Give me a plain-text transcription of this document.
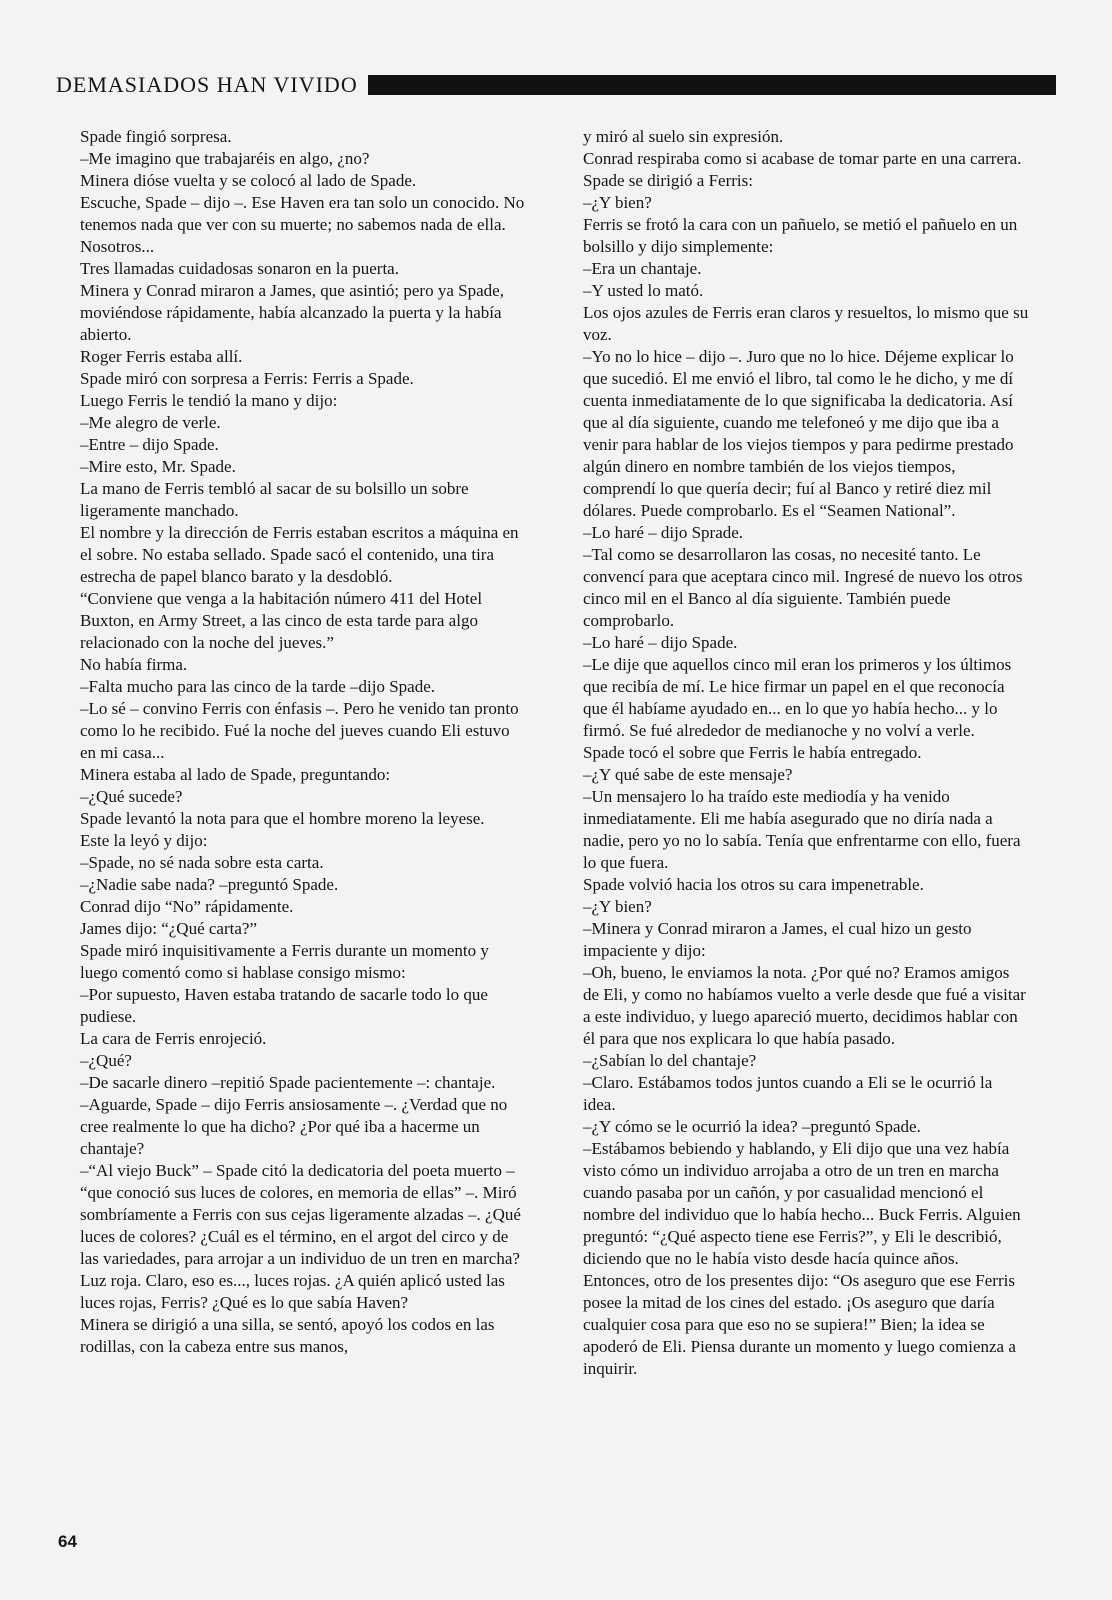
DEMASIADOS HAN VIVIDO

Spade fingió sorpresa.

–Me imagino que trabajaréis en algo, ¿no?

Minera dióse vuelta y se colocó al lado de Spade.

Escuche, Spade – dijo –. Ese Haven era tan solo un conocido. No tenemos nada que ver con su muerte; no sabemos nada de ella. Nosotros...

Tres llamadas cuidadosas sonaron en la puerta.

Minera y Conrad miraron a James, que asintió; pero ya Spade, moviéndose rápidamente, había alcanzado la puerta y la había abierto.

Roger Ferris estaba allí.

Spade miró con sorpresa a Ferris: Ferris a Spade.

Luego Ferris le tendió la mano y dijo:

–Me alegro de verle.

–Entre – dijo Spade.

–Mire esto, Mr. Spade.

La mano de Ferris tembló al sacar de su bolsillo un sobre ligeramente manchado.

El nombre y la dirección de Ferris estaban escritos a máquina en el sobre. No estaba sellado. Spade sacó el contenido, una tira estrecha de papel blanco barato y la desdobló.

“Conviene que venga a la habitación número 411 del Hotel Buxton, en Army Street, a las cinco de esta tarde para algo relacionado con la noche del jueves.”

No había firma.

–Falta mucho para las cinco de la tarde –dijo Spade.

–Lo sé – convino Ferris con énfasis –. Pero he venido tan pronto como lo he recibido. Fué la noche del jueves cuando Eli estuvo en mi casa...

Minera estaba al lado de Spade, preguntando:

–¿Qué sucede?

Spade levantó la nota para que el hombre moreno la leyese.

Este la leyó y dijo:

–Spade, no sé nada sobre esta carta.

–¿Nadie sabe nada? –preguntó Spade.

Conrad dijo “No” rápidamente.

James dijo: “¿Qué carta?”

Spade miró inquisitivamente a Ferris durante un momento y luego comentó como si hablase consigo mismo:

–Por supuesto, Haven estaba tratando de sacarle todo lo que pudiese.

La cara de Ferris enrojeció.

–¿Qué?

–De sacarle dinero –repitió Spade pacientemente –: chantaje.

–Aguarde, Spade – dijo Ferris ansiosamente –. ¿Verdad que no cree realmente lo que ha dicho? ¿Por qué iba a hacerme un chantaje?

–“Al viejo Buck” – Spade citó la dedicatoria del poeta muerto – “que conoció sus luces de colores, en memoria de ellas” –. Miró sombríamente a Ferris con sus cejas ligeramente alzadas –. ¿Qué luces de colores? ¿Cuál es el término, en el argot del circo y de las variedades, para arrojar a un individuo de un tren en marcha? Luz roja. Claro, eso es..., luces rojas. ¿A quién aplicó usted las luces rojas, Ferris? ¿Qué es lo que sabía Haven?

Minera se dirigió a una silla, se sentó, apoyó los codos en las rodillas, con la cabeza entre sus manos,

y miró al suelo sin expresión.

Conrad respiraba como si acabase de tomar parte en una carrera.

Spade se dirigió a Ferris:

–¿Y bien?

Ferris se frotó la cara con un pañuelo, se metió el pañuelo en un bolsillo y dijo simplemente:

–Era un chantaje.

–Y usted lo mató.

Los ojos azules de Ferris eran claros y resueltos, lo mismo que su voz.

–Yo no lo hice – dijo –. Juro que no lo hice. Déjeme explicar lo que sucedió. El me envió el libro, tal como le he dicho, y me dí cuenta inmediatamente de lo que significaba la dedicatoria. Así que al día siguiente, cuando me telefoneó y me dijo que iba a venir para hablar de los viejos tiempos y para pedirme prestado algún dinero en nombre también de los viejos tiempos, comprendí lo que quería decir; fuí al Banco y retiré diez mil dólares. Puede comprobarlo. Es el “Seamen National”.

–Lo haré – dijo Sprade.

–Tal como se desarrollaron las cosas, no necesité tanto. Le convencí para que aceptara cinco mil. Ingresé de nuevo los otros cinco mil en el Banco al día siguiente. También puede comprobarlo.

–Lo haré – dijo Spade.

–Le dije que aquellos cinco mil eran los primeros y los últimos que recibía de mí. Le hice firmar un papel en el que reconocía que él habíame ayudado en... en lo que yo había hecho... y lo firmó. Se fué alrededor de medianoche y no volví a verle.

Spade tocó el sobre que Ferris le había entregado.

–¿Y qué sabe de este mensaje?

–Un mensajero lo ha traído este mediodía y ha venido inmediatamente. Eli me había asegurado que no diría nada a nadie, pero yo no lo sabía. Tenía que enfrentarme con ello, fuera lo que fuera.

Spade volvió hacia los otros su cara impenetrable.

–¿Y bien?

–Minera y Conrad miraron a James, el cual hizo un gesto impaciente y dijo:

–Oh, bueno, le enviamos la nota. ¿Por qué no? Eramos amigos de Eli, y como no habíamos vuelto a verle desde que fué a visitar a este individuo, y luego apareció muerto, decidimos hablar con él para que nos explicara lo que había pasado.

–¿Sabían lo del chantaje?

–Claro. Estábamos todos juntos cuando a Eli se le ocurrió la idea.

–¿Y cómo se le ocurrió la idea? –preguntó Spade.

–Estábamos bebiendo y hablando, y Eli dijo que una vez había visto cómo un individuo arrojaba a otro de un tren en marcha cuando pasaba por un cañón, y por casualidad mencionó el nombre del individuo que lo había hecho... Buck Ferris. Alguien preguntó: “¿Qué aspecto tiene ese Ferris?”, y Eli le describió, diciendo que no le había visto desde hacía quince años. Entonces, otro de los presentes dijo: “Os aseguro que ese Ferris posee la mitad de los cines del estado. ¡Os aseguro que daría cualquier cosa para que eso no se supiera!” Bien; la idea se apoderó de Eli. Piensa durante un momento y luego comienza a inquirir.

64
